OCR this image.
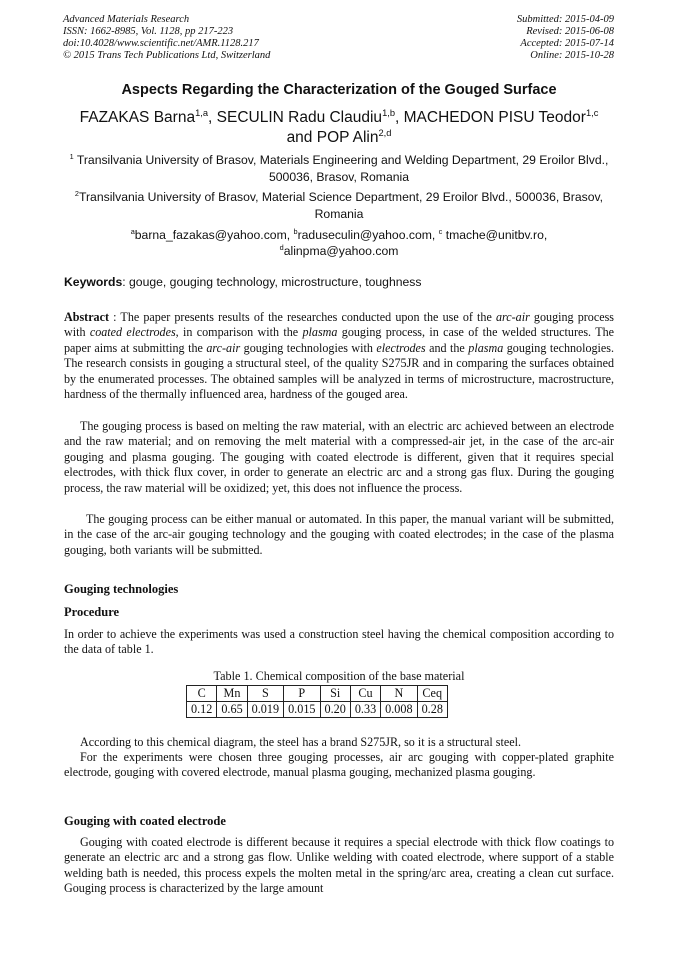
Advanced Materials Research
ISSN: 1662-8985, Vol. 1128, pp 217-223
doi:10.4028/www.scientific.net/AMR.1128.217
© 2015 Trans Tech Publications Ltd, Switzerland
Submitted: 2015-04-09
Revised: 2015-06-08
Accepted: 2015-07-14
Online: 2015-10-28
Aspects Regarding the Characterization of the Gouged Surface
FAZAKAS Barna$^{1,a}$, SECULIN Radu Claudiu$^{1,b}$, MACHEDON PISU Teodor$^{1,c}$
and POP Alin$^{2,d}$
$^1$ Transilvania University of Brasov, Materials Engineering and Welding Department, 29 Eroilor Blvd., 500036, Brasov, Romania
$^2$Transilvania University of Brasov, Material Science Department, 29 Eroilor Blvd., 500036, Brasov, Romania
$^a$barna_fazakas@yahoo.com, $^b$raduseculin@yahoo.com, $^c$ tmache@unitbv.ro,
$^d$alinpma@yahoo.com
Keywords: gouge, gouging technology, microstructure, toughness
Abstract : The paper presents results of the researches conducted upon the use of the arc-air gouging process with coated electrodes, in comparison with the plasma gouging process, in case of the welded structures. The paper aims at submitting the arc-air gouging technologies with electrodes and the plasma gouging technologies. The research consists in gouging a structural steel, of the quality S275JR and in comparing the surfaces obtained by the enumerated processes. The obtained samples will be analyzed in terms of microstructure, macrostructure, hardness of the thermally influenced area, hardness of the gouged area.
The gouging process is based on melting the raw material, with an electric arc achieved between an electrode and the raw material; and on removing the melt material with a compressed-air jet, in the case of the arc-air gouging and plasma gouging. The gouging with coated electrode is different, given that it requires special electrodes, with thick flux cover, in order to generate an electric arc and a strong gas flux. During the gouging process, the raw material will be oxidized; yet, this does not influence the process.
The gouging process can be either manual or automated. In this paper, the manual variant will be submitted, in the case of the arc-air gouging technology and the gouging with coated electrodes; in the case of the plasma gouging, both variants will be submitted.
Gouging technologies
Procedure
In order to achieve the experiments was used a construction steel having the chemical composition according to the data of table 1.
Table 1. Chemical composition of the base material
C	Mn	S	P	Si	Cu	N	Ceq
0.12	0.65	0.019	0.015	0.20	0.33	0.008	0.28
According to this chemical diagram, the steel has a brand S275JR, so it is a structural steel.
For the experiments were chosen three gouging processes, air arc gouging with copper-plated graphite electrode, gouging with covered electrode, manual plasma gouging, mechanized plasma gouging.
Gouging with coated electrode
Gouging with coated electrode is different because it requires a special electrode with thick flow coatings to generate an electric arc and a strong gas flow. Unlike welding with coated electrode, where support of a stable welding bath is needed, this process expels the molten metal in the spring/arc area, creating a clean cut surface. Gouging process is characterized by the large amount
